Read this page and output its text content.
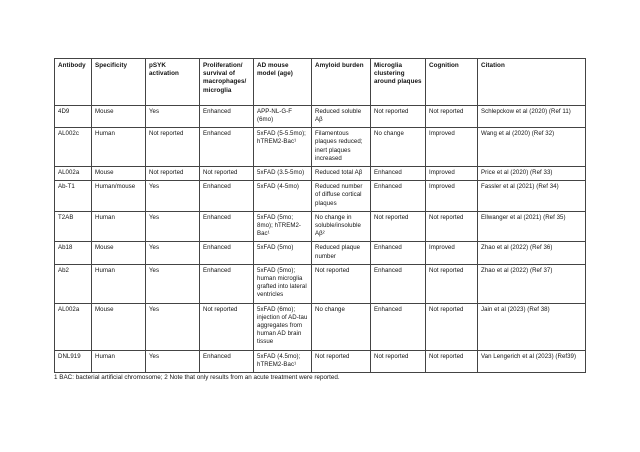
Antibody	Specificity	pSYK activation	Proliferation/ survival of macrophages/ microglia	AD mouse model (age)	Amyloid burden	Microglia clustering around plaques	Cognition	Citation
4D9	Mouse	Yes	Enhanced	APP-NL-G-F (6mo)	Reduced soluble Aβ	Not reported	Not reported	Schlepckow et al (2020) (Ref 11)
AL002c	Human	Not reported	Enhanced	5xFAD (5-5.5mo); hTREM2-Bac¹	Filamentous plaques reduced; inert plaques increased	No change	Improved	Wang et al (2020) (Ref 32)
AL002a	Mouse	Not reported	Not reported	5xFAD (3.5-5mo)	Reduced total Aβ	Enhanced	Improved	Price et al (2020) (Ref 33)
Ab-T1	Human/mouse	Yes	Enhanced	5xFAD (4-5mo)	Reduced number of diffuse cortical plaques	Enhanced	Improved	Fassler et al (2021) (Ref 34)
T2AB	Human	Yes	Enhanced	5xFAD (5mo; 8mo); hTREM2-Bac¹	No change in soluble/insoluble Aβ²	Not reported	Not reported	Ellwanger et al (2021) (Ref 35)
Ab18	Mouse	Yes	Enhanced	5xFAD (5mo)	Reduced plaque number	Enhanced	Improved	Zhao et al (2022) (Ref 36)
Ab2	Human	Yes	Enhanced	5xFAD (5mo); human microglia grafted into lateral ventricles	Not reported	Enhanced	Not reported	Zhao et al (2022) (Ref 37)
AL002a	Mouse	Yes	Not reported	5xFAD (6mo); injection of AD-tau aggregates from human AD brain tissue	No change	Enhanced	Not reported	Jain et al (2023) (Ref 38)
DNL919	Human	Yes	Enhanced	5xFAD (4.5mo); hTREM2-Bac¹	Not reported	Not reported	Not reported	Van Lengerich et al (2023) (Ref39)
1 BAC: bacterial artificial chromosome; 2 Note that only results from an acute treatment were reported.
